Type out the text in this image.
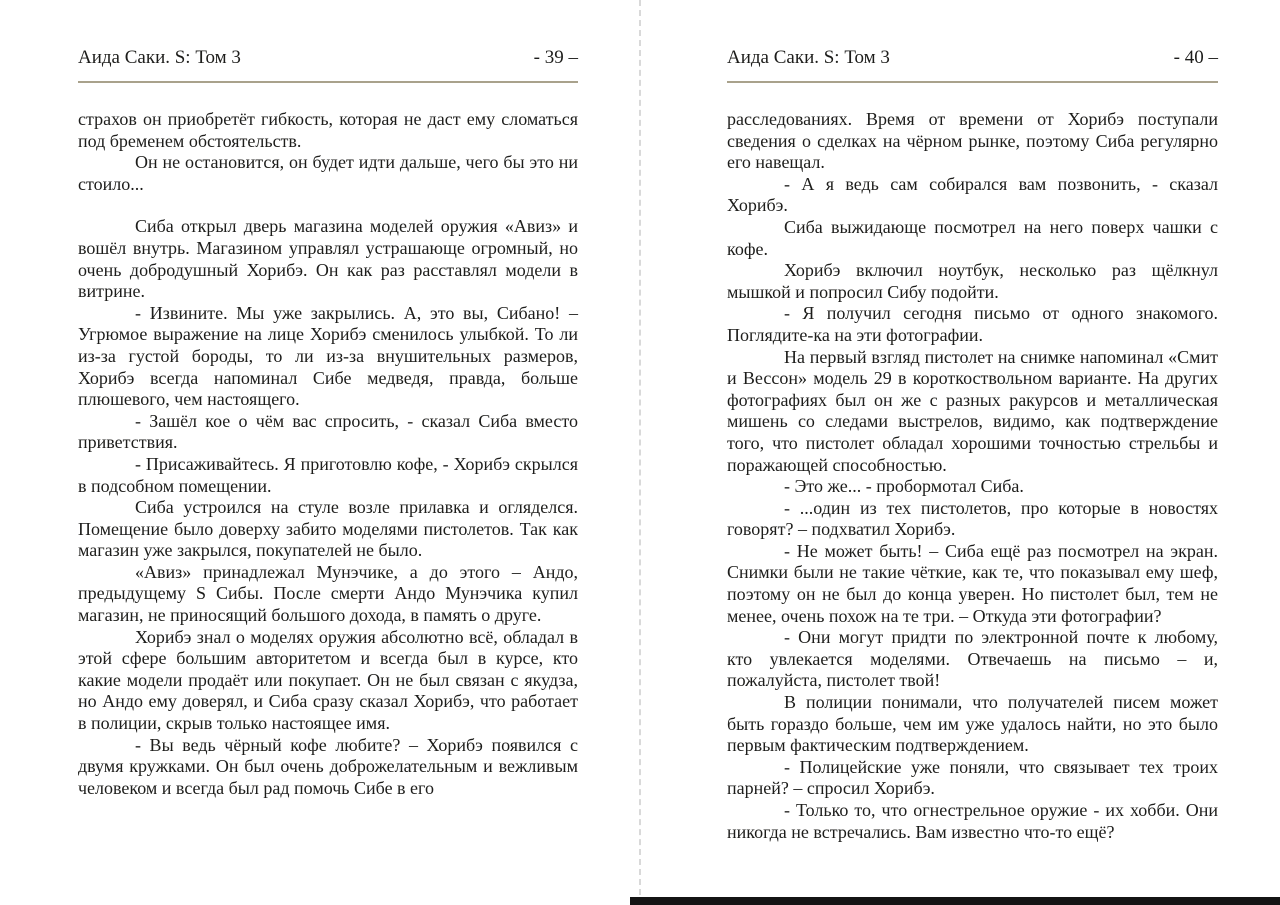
Аида Саки. S: Том 3	- 39 –

страхов он приобретёт гибкость, которая не даст ему сломаться под бременем обстоятельств.

Он не остановится, он будет идти дальше, чего бы это ни стоило...

Сиба открыл дверь магазина моделей оружия «Авиз» и вошёл внутрь. Магазином управлял устрашающе огромный, но очень добродушный Хорибэ. Он как раз расставлял модели в витрине.

- Извините. Мы уже закрылись. А, это вы, Сибано! – Угрюмое выражение на лице Хорибэ сменилось улыбкой. То ли из-за густой бороды, то ли из-за внушительных размеров, Хорибэ всегда напоминал Сибе медведя, правда, больше плюшевого, чем настоящего.

- Зашёл кое о чём вас спросить, - сказал Сиба вместо приветствия.

- Присаживайтесь. Я приготовлю кофе, - Хорибэ скрылся в подсобном помещении.

Сиба устроился на стуле возле прилавка и огляделся. Помещение было доверху забито моделями пистолетов. Так как магазин уже закрылся, покупателей не было.

«Авиз» принадлежал Мунэчике, а до этого – Андо, предыдущему S Сибы. После смерти Андо Мунэчика купил магазин, не приносящий большого дохода, в память о друге.

Хорибэ знал о моделях оружия абсолютно всё, обладал в этой сфере большим авторитетом и всегда был в курсе, кто какие модели продаёт или покупает. Он не был связан с якудза, но Андо ему доверял, и Сиба сразу сказал Хорибэ, что работает в полиции, скрыв только настоящее имя.

- Вы ведь чёрный кофе любите? – Хорибэ появился с двумя кружками. Он был очень доброжелательным и вежливым человеком и всегда был рад помочь Сибе в его

Аида Саки. S: Том 3	- 40 –

расследованиях. Время от времени от Хорибэ поступали сведения о сделках на чёрном рынке, поэтому Сиба регулярно его навещал.

- А я ведь сам собирался вам позвонить, - сказал Хорибэ.

Сиба выжидающе посмотрел на него поверх чашки с кофе.

Хорибэ включил ноутбук, несколько раз щёлкнул мышкой и попросил Сибу подойти.

- Я получил сегодня письмо от одного знакомого. Поглядите-ка на эти фотографии.

На первый взгляд пистолет на снимке напоминал «Смит и Вессон» модель 29 в короткоствольном варианте. На других фотографиях был он же с разных ракурсов и металлическая мишень со следами выстрелов, видимо, как подтверждение того, что пистолет обладал хорошими точностью стрельбы и поражающей способностью.

- Это же... - пробормотал Сиба.

- ...один из тех пистолетов, про которые в новостях говорят? – подхватил Хорибэ.

- Не может быть! – Сиба ещё раз посмотрел на экран. Снимки были не такие чёткие, как те, что показывал ему шеф, поэтому он не был до конца уверен. Но пистолет был, тем не менее, очень похож на те три. – Откуда эти фотографии?

- Они могут придти по электронной почте к любому, кто увлекается моделями. Отвечаешь на письмо – и, пожалуйста, пистолет твой!

В полиции понимали, что получателей писем может быть гораздо больше, чем им уже удалось найти, но это было первым фактическим подтверждением.

- Полицейские уже поняли, что связывает тех троих парней? – спросил Хорибэ.

- Только то, что огнестрельное оружие - их хобби. Они никогда не встречались. Вам известно что-то ещё?
